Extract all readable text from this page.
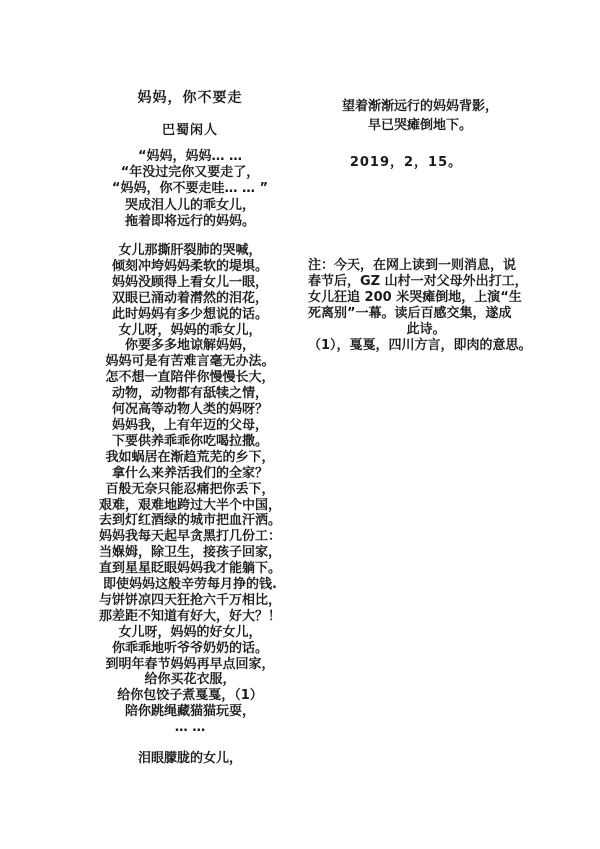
妈妈，你不要走
巴蜀闲人
“妈妈，妈妈… …
“年没过完你又要走了，
“妈妈，你不要走哇… … ”
哭成泪人儿的乖女儿，
拖着即将远行的妈妈。
女儿那撕肝裂肺的哭喊，
倾刻冲垮妈妈柔软的堤埧。
妈妈没顾得上看女儿一眼，
双眼已涌动着潸然的泪花，
此时妈妈有多少想说的话。
女儿呀，妈妈的乖女儿，
你要多多地谅解妈妈，
妈妈可是有苦难言毫无办法。
怎不想一直陪伴你慢慢长大，
动物，动物都有舐犊之情，
何况高等动物人类的妈呀？
妈妈我，上有年迈的父母，
下要供养乖乖你吃喝拉撒。
我如蜗居在渐趋荒芜的乡下，
拿什么来养活我们的全家？
百般无奈只能忍痛把你丢下，
艰难，艰难地跨过大半个中国，
去到灯红酒绿的城市把血汗洒。
妈妈我每天起早贪黑打几份工：
当媬姆，除卫生，接孩子回家，
直到星星眨眼妈妈我才能躺下。
即使妈妈这般辛劳每月挣的钱.
与饼饼凉四天狂抢六千万相比，
那差距不知道有好大，好大？！
女儿呀，妈妈的好女儿，
你乖乖地听爷爷奶奶的话。
到明年春节妈妈再早点回家，
给你买花衣服，
给你包饺子煮戛戛，（1）
陪你跳绳藏猫猫玩耍，
… …
泪眼朦胧的女儿，
望着渐渐远行的妈妈背影，
早已哭瘫倒地下。
2019，2，15。
注：今天，在网上读到一则消息，说
春节后，GZ 山村一对父母外出打工，
女儿狂追 200 米哭瘫倒地，上演“生
死离别”一幕。读后百感交集，遂成
此诗。
（1），戛戛，四川方言，即肉的意思。
